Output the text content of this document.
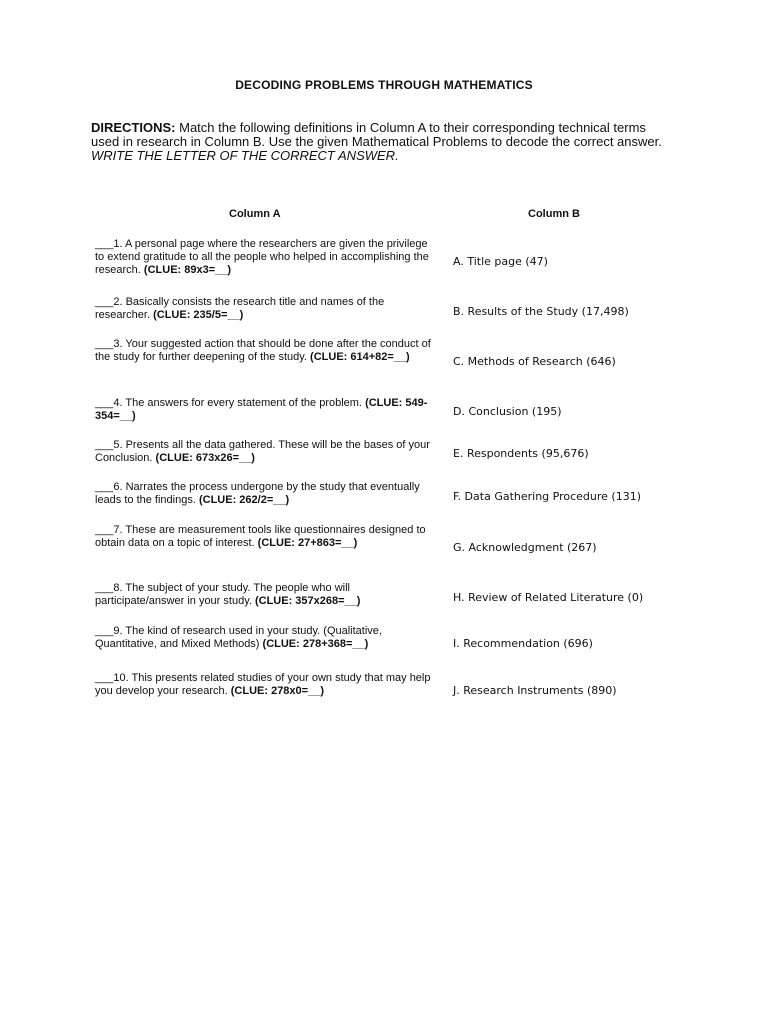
DECODING PROBLEMS THROUGH MATHEMATICS
DIRECTIONS: Match the following definitions in Column A to their corresponding technical terms used in research in Column B. Use the given Mathematical Problems to decode the correct answer. WRITE THE LETTER OF THE CORRECT ANSWER.
Column A	Column B
___1. A personal page where the researchers are given the privilege to extend gratitude to all the people who helped in accomplishing the research. (CLUE: 89x3=__)
___2. Basically consists the research title and names of the researcher. (CLUE: 235/5=__)
___3. Your suggested action that should be done after the conduct of the study for further deepening of the study. (CLUE: 614+82=__)
___4. The answers for every statement of the problem. (CLUE: 549-354=__)
___5. Presents all the data gathered. These will be the bases of your Conclusion. (CLUE: 673x26=__)
___6. Narrates the process undergone by the study that eventually leads to the findings. (CLUE: 262/2=__)
___7. These are measurement tools like questionnaires designed to obtain data on a topic of interest. (CLUE: 27+863=__)
___8. The subject of your study. The people who will participate/answer in your study. (CLUE: 357x268=__)
___9. The kind of research used in your study. (Qualitative, Quantitative, and Mixed Methods) (CLUE: 278+368=__)
___10. This presents related studies of your own study that may help you develop your research. (CLUE: 278x0=__)
A. Title page (47)
B. Results of the Study (17,498)
C. Methods of Research (646)
D. Conclusion (195)
E. Respondents (95,676)
F. Data Gathering Procedure (131)
G. Acknowledgment (267)
H. Review of Related Literature (0)
I. Recommendation (696)
J. Research Instruments (890)
